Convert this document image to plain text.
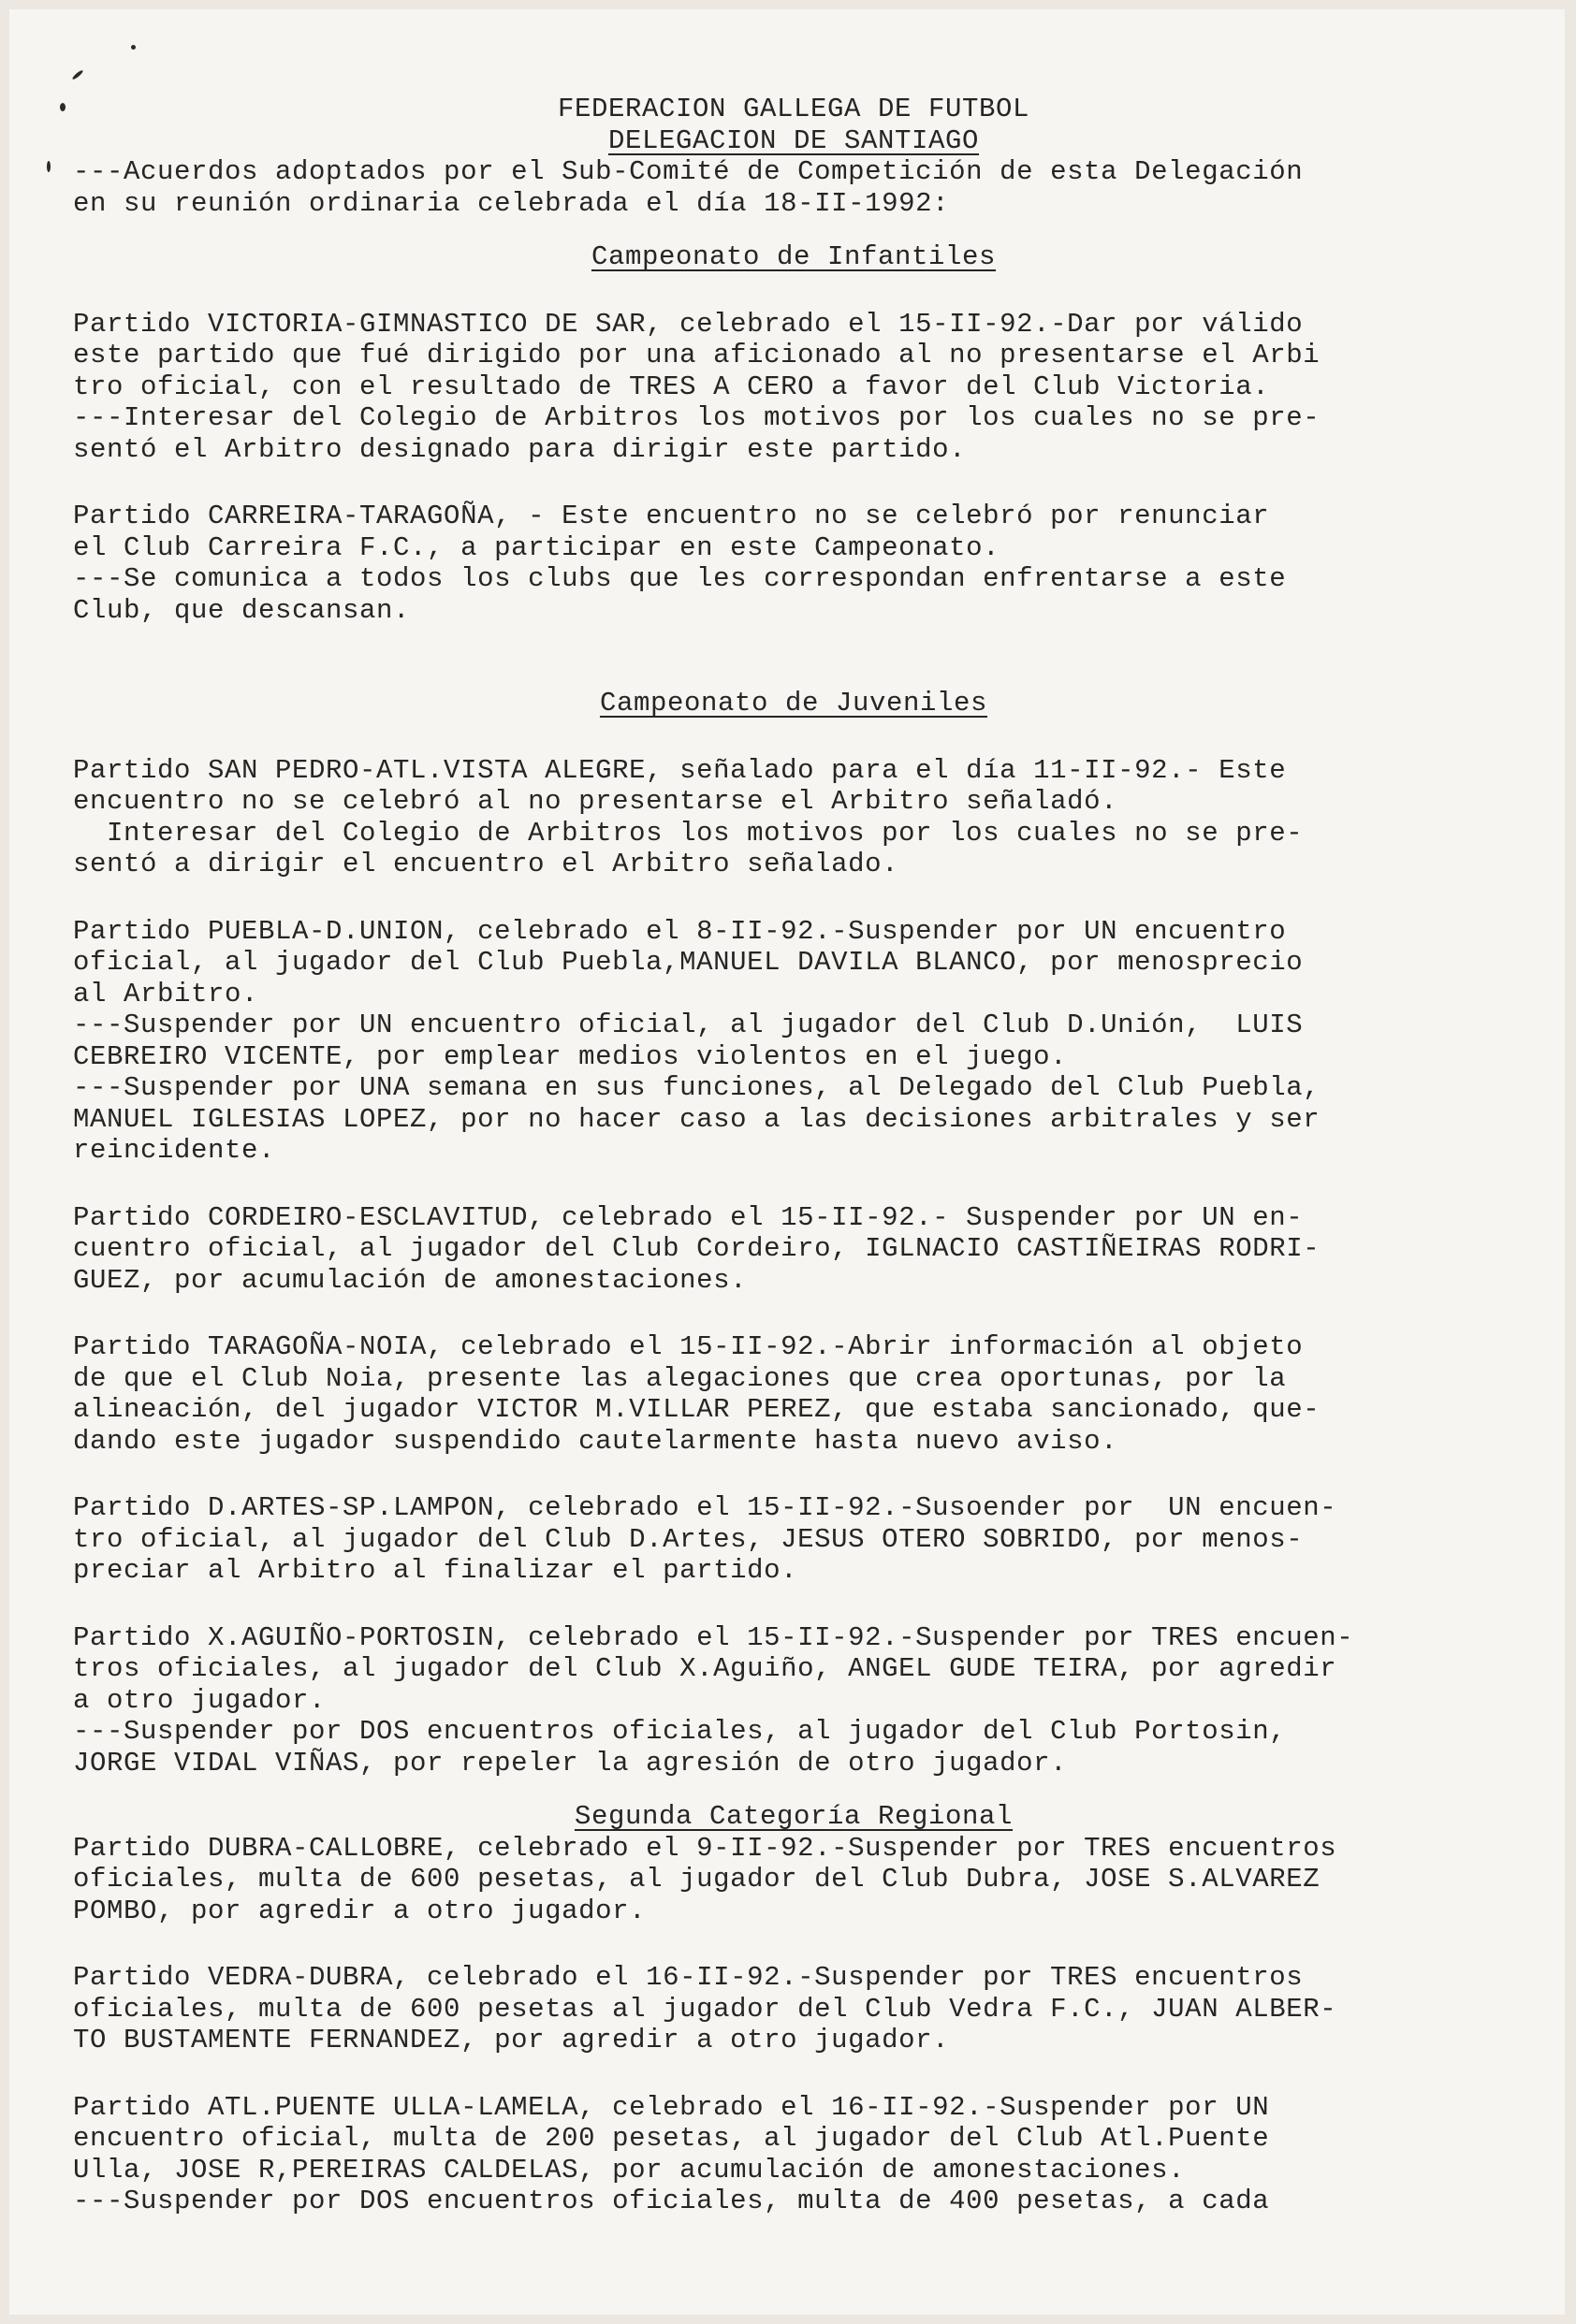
FEDERACION GALLEGA DE FUTBOL
DELEGACION DE SANTIAGO
---Acuerdos adoptados por el Sub-Comité de Competición de esta Delegación
en su reunión ordinaria celebrada el día 18-II-1992:
Campeonato de Infantiles
Partido VICTORIA-GIMNASTICO DE SAR, celebrado el 15-II-92.-Dar por válido
este partido que fué dirigido por una aficionado al no presentarse el Arbi
tro oficial, con el resultado de TRES A CERO a favor del Club Victoria.
---Interesar del Colegio de Arbitros los motivos por los cuales no se pre-
sentó el Arbitro designado para dirigir este partido.
Partido CARREIRA-TARAGOÑA, - Este encuentro no se celebró por renunciar
el Club Carreira F.C., a participar en este Campeonato.
---Se comunica a todos los clubs que les correspondan enfrentarse a este
Club, que descansan.
Campeonato de Juveniles
Partido SAN PEDRO-ATL.VISTA ALEGRE, señalado para el día 11-II-92.- Este
encuentro no se celebró al no presentarse el Arbitro señaladó.
Interesar del Colegio de Arbitros los motivos por los cuales no se pre-
sentó a dirigir el encuentro el Arbitro señalado.
Partido PUEBLA-D.UNION, celebrado el 8-II-92.-Suspender por UN encuentro
oficial, al jugador del Club Puebla,MANUEL DAVILA BLANCO, por menosprecio
al Arbitro.
---Suspender por UN encuentro oficial, al jugador del Club D.Unión,  LUIS
CEBREIRO VICENTE, por emplear medios violentos en el juego.
---Suspender por UNA semana en sus funciones, al Delegado del Club Puebla,
MANUEL IGLESIAS LOPEZ, por no hacer caso a las decisiones arbitrales y ser
reincidente.
Partido CORDEIRO-ESCLAVITUD, celebrado el 15-II-92.- Suspender por UN en-
cuentro oficial, al jugador del Club Cordeiro, IGLNACIO CASTIÑEIRAS RODRI-
GUEZ, por acumulación de amonestaciones.
Partido TARAGOÑA-NOIA, celebrado el 15-II-92.-Abrir información al objeto
de que el Club Noia, presente las alegaciones que crea oportunas, por la
alineación, del jugador VICTOR M.VILLAR PEREZ, que estaba sancionado, que-
dando este jugador suspendido cautelarmente hasta nuevo aviso.
Partido D.ARTES-SP.LAMPON, celebrado el 15-II-92.-Susoender por  UN encuen-
tro oficial, al jugador del Club D.Artes, JESUS OTERO SOBRIDO, por menos-
preciar al Arbitro al finalizar el partido.
Partido X.AGUIÑO-PORTOSIN, celebrado el 15-II-92.-Suspender por TRES encuen-
tros oficiales, al jugador del Club X.Aguiño, ANGEL GUDE TEIRA, por agredir
a otro jugador.
---Suspender por DOS encuentros oficiales, al jugador del Club Portosin,
JORGE VIDAL VIÑAS, por repeler la agresión de otro jugador.
Segunda Categoría Regional
Partido DUBRA-CALLOBRE, celebrado el 9-II-92.-Suspender por TRES encuentros
oficiales, multa de 600 pesetas, al jugador del Club Dubra, JOSE S.ALVAREZ
POMBO, por agredir a otro jugador.
Partido VEDRA-DUBRA, celebrado el 16-II-92.-Suspender por TRES encuentros
oficiales, multa de 600 pesetas al jugador del Club Vedra F.C., JUAN ALBER-
TO BUSTAMENTE FERNANDEZ, por agredir a otro jugador.
Partido ATL.PUENTE ULLA-LAMELA, celebrado el 16-II-92.-Suspender por UN
encuentro oficial, multa de 200 pesetas, al jugador del Club Atl.Puente
Ulla, JOSE R,PEREIRAS CALDELAS, por acumulación de amonestaciones.
---Suspender por DOS encuentros oficiales, multa de 400 pesetas, a cada
